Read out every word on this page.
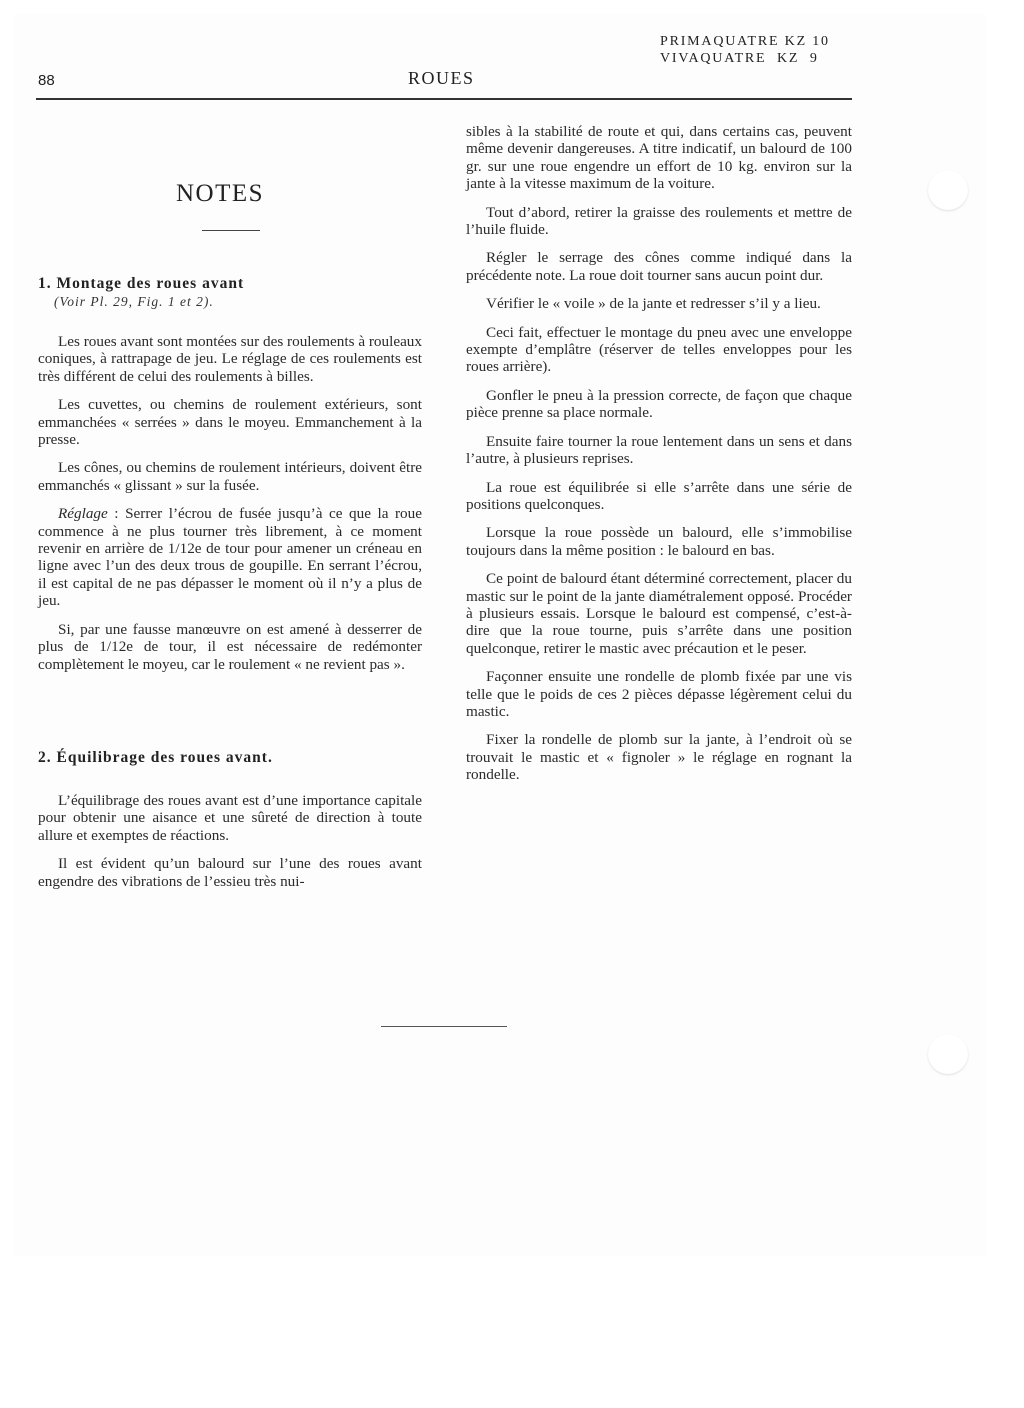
88	ROUES
PRIMAQUATRE KZ 10
VIVAQUATRE  KZ  9
NOTES
1. Montage des roues avant
(Voir Pl. 29, Fig. 1 et 2).

Les roues avant sont montées sur des roulements à rouleaux coniques, à rattrapage de jeu. Le réglage de ces roulements est très différent de celui des roulements à billes.

Les cuvettes, ou chemins de roulement extérieurs, sont emmanchées « serrées » dans le moyeu. Emmanchement à la presse.

Les cônes, ou chemins de roulement intérieurs, doivent être emmanchés « glissant » sur la fusée.

Réglage : Serrer l’écrou de fusée jusqu’à ce que la roue commence à ne plus tourner très librement, à ce moment revenir en arrière de 1/12e de tour pour amener un créneau en ligne avec l’un des deux trous de goupille. En serrant l’écrou, il est capital de ne pas dépasser le moment où il n’y a plus de jeu.

Si, par une fausse manœuvre on est amené à desserrer de plus de 1/12e de tour, il est nécessaire de redémonter complètement le moyeu, car le roulement « ne revient pas ».

2. Équilibrage des roues avant.

L’équilibrage des roues avant est d’une importance capitale pour obtenir une aisance et une sûreté de direction à toute allure et exemptes de réactions.

Il est évident qu’un balourd sur l’une des roues avant engendre des vibrations de l’essieu très nui-

sibles à la stabilité de route et qui, dans certains cas, peuvent même devenir dangereuses. A titre indicatif, un balourd de 100 gr. sur une roue engendre un effort de 10 kg. environ sur la jante à la vitesse maximum de la voiture.

Tout d’abord, retirer la graisse des roulements et mettre de l’huile fluide.

Régler le serrage des cônes comme indiqué dans la précédente note. La roue doit tourner sans aucun point dur.

Vérifier le « voile » de la jante et redresser s’il y a lieu.

Ceci fait, effectuer le montage du pneu avec une enveloppe exempte d’emplâtre (réserver de telles enveloppes pour les roues arrière).

Gonfler le pneu à la pression correcte, de façon que chaque pièce prenne sa place normale.

Ensuite faire tourner la roue lentement dans un sens et dans l’autre, à plusieurs reprises.

La roue est équilibrée si elle s’arrête dans une série de positions quelconques.

Lorsque la roue possède un balourd, elle s’immobilise toujours dans la même position : le balourd en bas.

Ce point de balourd étant déterminé correctement, placer du mastic sur le point de la jante diamétralement opposé. Procéder à plusieurs essais. Lorsque le balourd est compensé, c’est-à-dire que la roue tourne, puis s’arrête dans une position quelconque, retirer le mastic avec précaution et le peser.

Façonner ensuite une rondelle de plomb fixée par une vis telle que le poids de ces 2 pièces dépasse légèrement celui du mastic.

Fixer la rondelle de plomb sur la jante, à l’endroit où se trouvait le mastic et « fignoler » le réglage en rognant la rondelle.
